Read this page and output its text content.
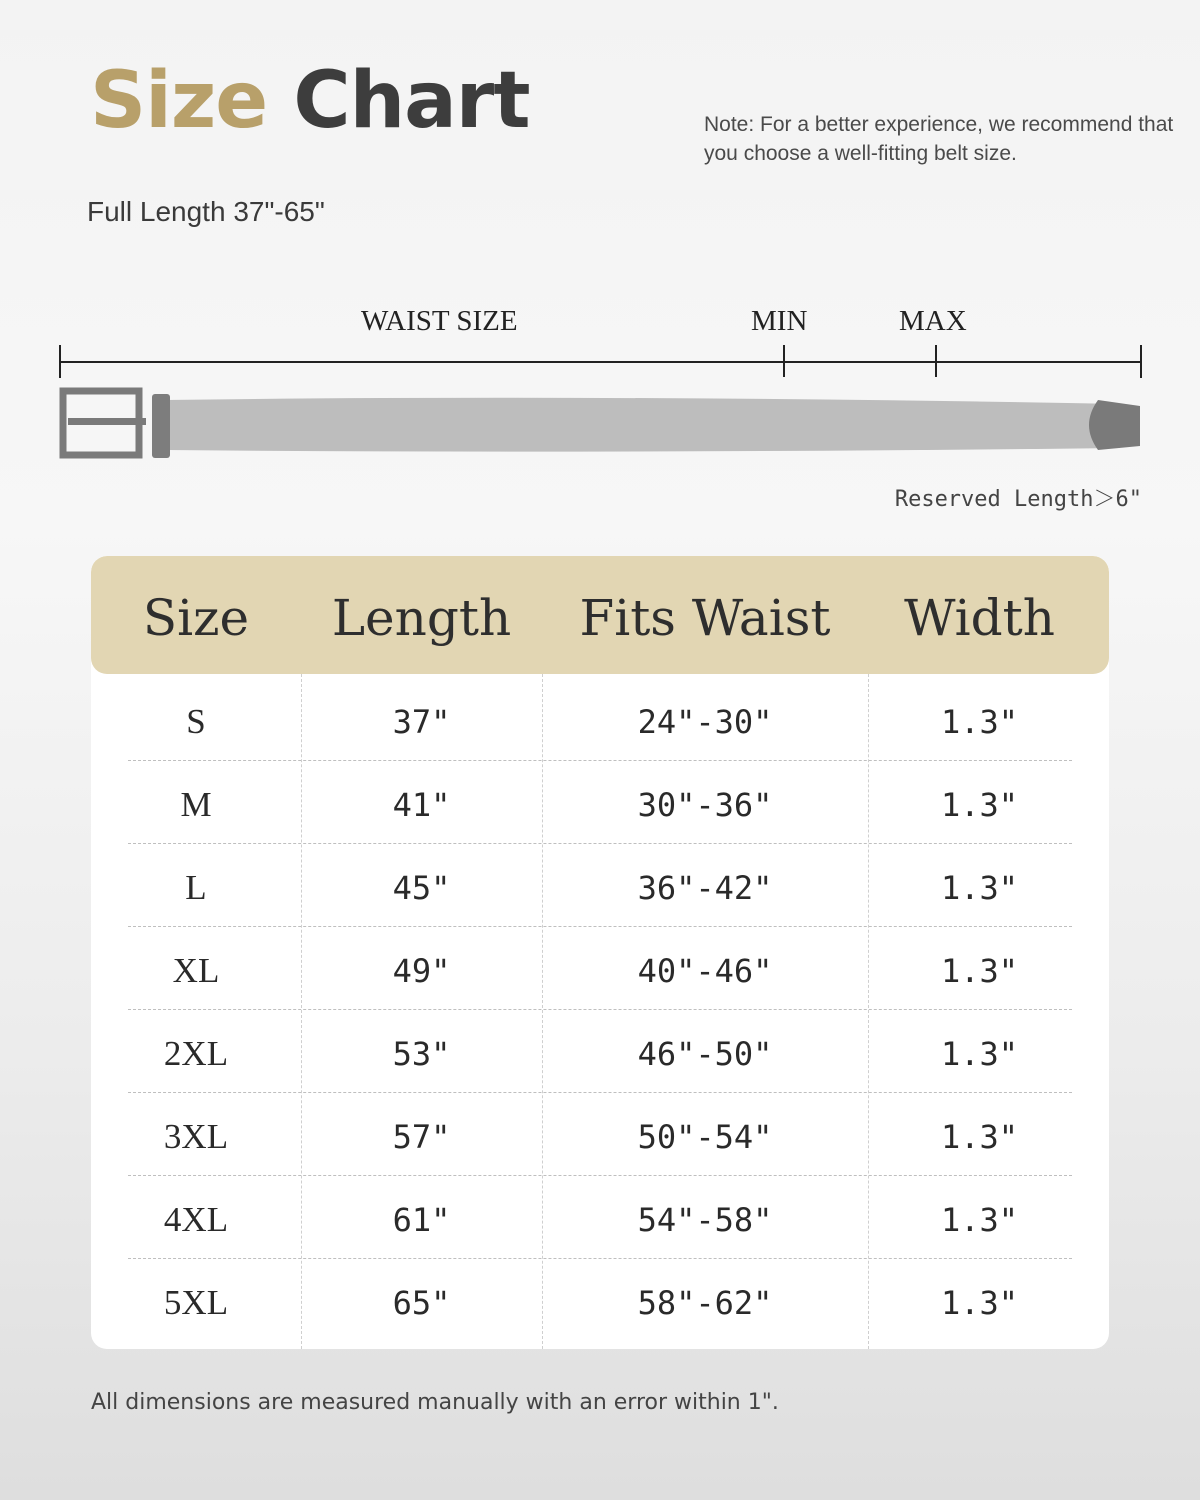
Size Chart	Note: For a better experience, we recommend that you choose a well-fitting belt size.
Full Length 37"-65"
WAIST SIZE	MIN	MAX
Reserved Length＞6"
Size	Length	Fits Waist	Width
S	37"	24"-30"	1.3"
M	41"	30"-36"	1.3"
L	45"	36"-42"	1.3"
XL	49"	40"-46"	1.3"
2XL	53"	46"-50"	1.3"
3XL	57"	50"-54"	1.3"
4XL	61"	54"-58"	1.3"
5XL	65"	58"-62"	1.3"
All dimensions are measured manually with an error within 1".
